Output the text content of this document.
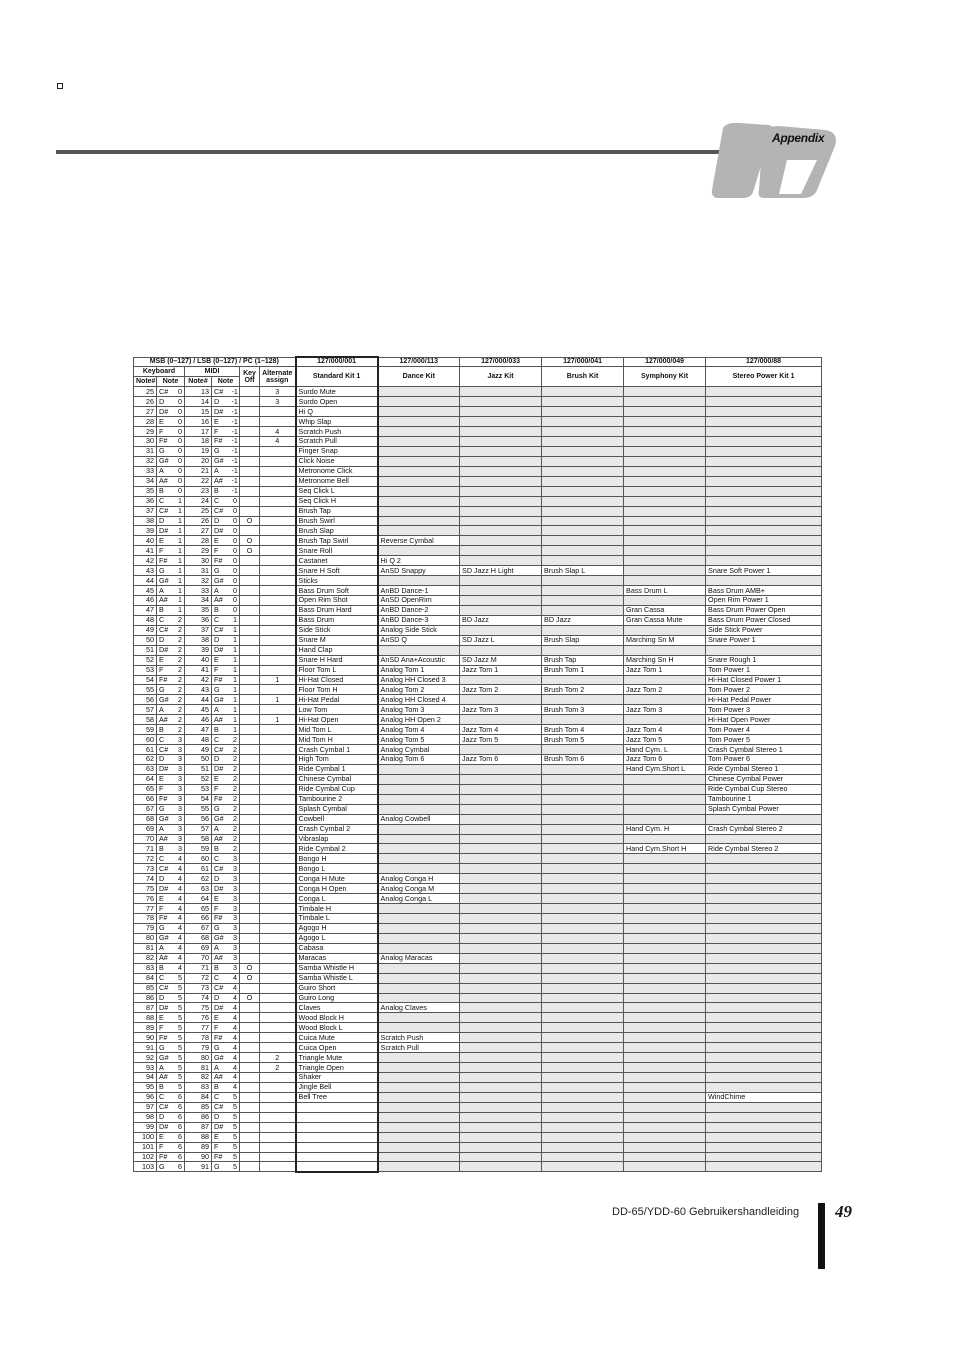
Appendix
MSB (0–127) / LSB (0–127) / PC (1–128)								127/000/001	127/000/113	127/000/033	127/000/041	127/000/049	127/000/88
Keyboard			MIDI			Key Off	Alternate assign	Standard Kit 1	Dance Kit	Jazz Kit	Brush Kit	Symphony Kit	Stereo Power Kit 1
Note#	Note		Note#	Note									
25	C#	0	13	C#	-1		3	Surdo Mute					
26	D	0	14	D	-1		3	Surdo Open					
27	D#	0	15	D#	-1			Hi Q					
28	E	0	16	E	-1			Whip Slap					
29	F	0	17	F	-1		4	Scratch Push					
30	F#	0	18	F#	-1		4	Scratch Pull					
31	G	0	19	G	-1			Finger Snap					
32	G#	0	20	G#	-1			Click Noise					
33	A	0	21	A	-1			Metronome Click					
34	A#	0	22	A#	-1			Metronome Bell					
35	B	0	23	B	-1			Seq Click L					
36	C	1	24	C	0			Seq Click H					
37	C#	1	25	C#	0			Brush Tap					
38	D	1	26	D	0	O		Brush Swirl					
39	D#	1	27	D#	0			Brush Slap					
40	E	1	28	E	0	O		Brush Tap Swirl	Reverse Cymbal				
41	F	1	29	F	0	O		Snare Roll					
42	F#	1	30	F#	0			Castanet	Hi Q 2				
43	G	1	31	G	0			Snare H Soft	AnSD Snappy	SD Jazz H Light	Brush Slap L		Snare Soft Power 1
44	G#	1	32	G#	0			Sticks					
45	A	1	33	A	0			Bass Drum Soft	AnBD Dance-1			Bass Drum L	Bass Drum AMB+
46	A#	1	34	A#	0			Open Rim Shot	AnSD OpenRim				Open Rim Power 1
47	B	1	35	B	0			Bass Drum Hard	AnBD Dance-2			Gran Cassa	Bass Drum Power Open
48	C	2	36	C	1			Bass Drum	AnBD Dance-3	BD Jazz	BD Jazz	Gran Cassa Mute	Bass Drum Power Closed
49	C#	2	37	C#	1			Side Stick	Analog Side Stick				Side Stick Power
50	D	2	38	D	1			Snare M	AnSD Q	SD Jazz L	Brush Slap	Marching Sn M	Snare Power 1
51	D#	2	39	D#	1			Hand Clap					
52	E	2	40	E	1			Snare H Hard	AnSD Ana+Acoustic	SD Jazz M	Brush Tap	Marching Sn H	Snare Rough 1
53	F	2	41	F	1			Floor Tom L	Analog Tom 1	Jazz Tom 1	Brush Tom 1	Jazz Tom 1	Tom Power 1
54	F#	2	42	F#	1		1	Hi-Hat Closed	Analog HH Closed 3				Hi-Hat Closed Power 1
55	G	2	43	G	1			Floor Tom H	Analog Tom 2	Jazz Tom 2	Brush Tom 2	Jazz Tom 2	Tom Power 2
56	G#	2	44	G#	1		1	Hi-Hat Pedal	Analog HH Closed 4				Hi-Hat Pedal Power
57	A	2	45	A	1			Low Tom	Analog Tom 3	Jazz Tom 3	Brush Tom 3	Jazz Tom 3	Tom Power 3
58	A#	2	46	A#	1		1	Hi-Hat Open	Analog HH Open 2				Hi-Hat Open Power
59	B	2	47	B	1			Mid Tom L	Analog Tom 4	Jazz Tom 4	Brush Tom 4	Jazz Tom 4	Tom Power 4
60	C	3	48	C	2			Mid Tom H	Analog Tom 5	Jazz Tom 5	Brush Tom 5	Jazz Tom 5	Tom Power 5
61	C#	3	49	C#	2			Crash Cymbal 1	Analog Cymbal			Hand Cym. L	Crash Cymbal Stereo 1
62	D	3	50	D	2			High Tom	Analog Tom 6	Jazz Tom 6	Brush Tom 6	Jazz Tom 6	Tom Power 6
63	D#	3	51	D#	2			Ride Cymbal 1				Hand Cym.Short L	Ride Cymbal Stereo 1
64	E	3	52	E	2			Chinese Cymbal					Chinese Cymbal Power
65	F	3	53	F	2			Ride Cymbal Cup					Ride Cymbal Cup Stereo
66	F#	3	54	F#	2			Tambourine 2					Tambourine 1
67	G	3	55	G	2			Splash Cymbal					Splash Cymbal Power
68	G#	3	56	G#	2			Cowbell	Analog Cowbell				
69	A	3	57	A	2			Crash Cymbal 2				Hand Cym. H	Crash Cymbal Stereo 2
70	A#	3	58	A#	2			Vibraslap					
71	B	3	59	B	2			Ride Cymbal 2				Hand Cym.Short H	Ride Cymbal Stereo 2
72	C	4	60	C	3			Bongo H					
73	C#	4	61	C#	3			Bongo L					
74	D	4	62	D	3			Conga H Mute	Analog Conga H				
75	D#	4	63	D#	3			Conga H Open	Analog Conga M				
76	E	4	64	E	3			Conga L	Analog Conga L				
77	F	4	65	F	3			Timbale H					
78	F#	4	66	F#	3			Timbale L					
79	G	4	67	G	3			Agogo H					
80	G#	4	68	G#	3			Agogo L					
81	A	4	69	A	3			Cabasa					
82	A#	4	70	A#	3			Maracas	Analog Maracas				
83	B	4	71	B	3	O		Samba Whistle H					
84	C	5	72	C	4	O		Samba Whistle L					
85	C#	5	73	C#	4			Guiro Short					
86	D	5	74	D	4	O		Guiro Long					
87	D#	5	75	D#	4			Claves	Analog Claves				
88	E	5	76	E	4			Wood Block H					
89	F	5	77	F	4			Wood Block L					
90	F#	5	78	F#	4			Cuica Mute	Scratch Push				
91	G	5	79	G	4			Cuica Open	Scratch Pull				
92	G#	5	80	G#	4		2	Triangle Mute					
93	A	5	81	A	4		2	Triangle Open					
94	A#	5	82	A#	4			Shaker					
95	B	5	83	B	4			Jingle Bell					
96	C	6	84	C	5			Bell Tree					WindChime
97	C#	6	85	C#	5								
98	D	6	86	D	5								
99	D#	6	87	D#	5								
100	E	6	88	E	5								
101	F	6	89	F	5								
102	F#	6	90	F#	5								
103	G	6	91	G	5								
DD-65/YDD-60 Gebruikershandleiding 49
